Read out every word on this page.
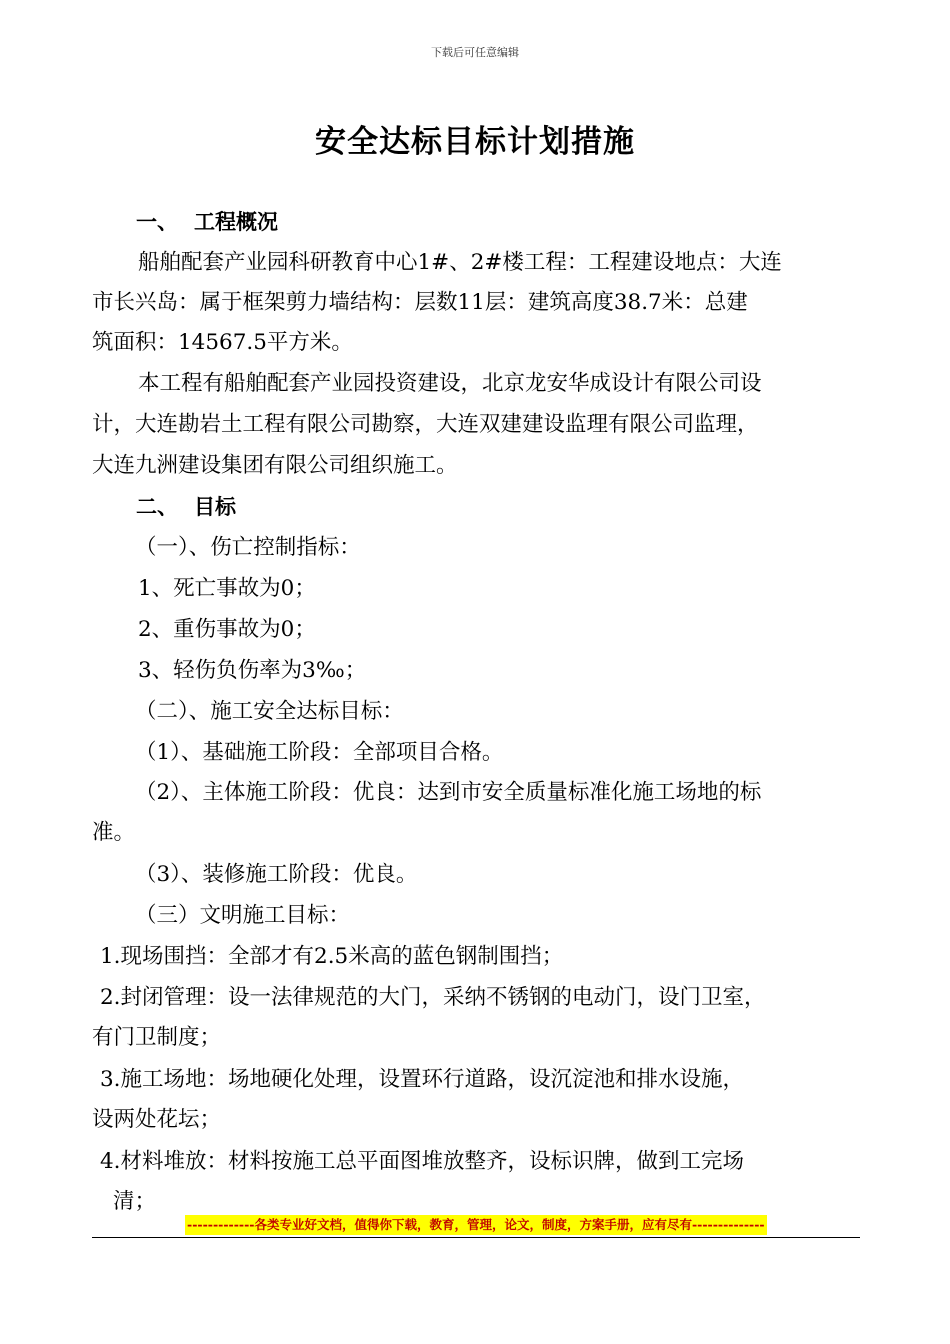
下载后可任意编辑
安全达标目标计划措施
一、 工程概况
船舶配套产业园科研教育中心1#、2#楼工程：工程建设地点：大连
市长兴岛：属于框架剪力墙结构：层数11层：建筑高度38.7米：总建
筑面积：14567.5平方米。
本工程有船舶配套产业园投资建设，北京龙安华成设计有限公司设
计，大连勘岩土工程有限公司勘察，大连双建建设监理有限公司监理，
大连九洲建设集团有限公司组织施工。
二、 目标
（一）、伤亡控制指标：
1、死亡事故为0；
2、重伤事故为0；
3、轻伤负伤率为3‰；
（二）、施工安全达标目标：
（1）、基础施工阶段：全部项目合格。
（2）、主体施工阶段：优良：达到市安全质量标准化施工场地的标
准。
（3）、装修施工阶段：优良。
（三）文明施工目标：
1.现场围挡：全部才有2.5米高的蓝色钢制围挡；
2.封闭管理：设一法律规范的大门，采纳不锈钢的电动门，设门卫室，
有门卫制度；
3.施工场地：场地硬化处理，设置环行道路，设沉淀池和排水设施，
设两处花坛；
4.材料堆放：材料按施工总平面图堆放整齐，设标识牌，做到工完场
清；
-------------各类专业好文档，值得你下载，教育，管理，论文，制度，方案手册，应有尽有--------------
